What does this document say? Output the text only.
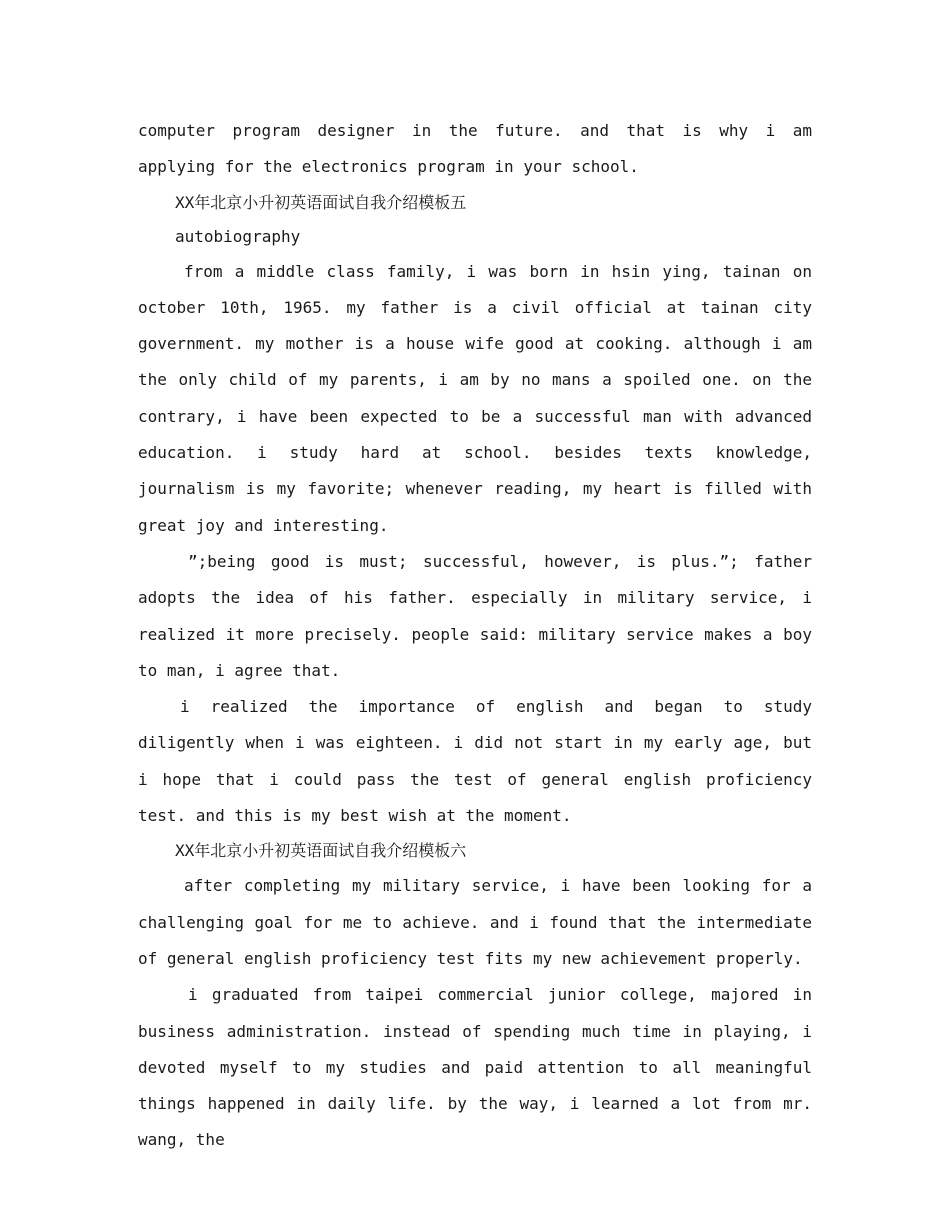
computer program designer in the future. and that is why i am applying for the electronics program in your school.

XX年北京小升初英语面试自我介绍模板五

autobiography

from a middle class family, i was born in hsin ying, tainan on october 10th, 1965. my father is a civil official at tainan city government. my mother is a house wife good at cooking. although i am the only child of my parents, i am by no mans a spoiled one. on the contrary, i have been expected to be a successful man with advanced education. i study hard at school. besides texts knowledge, journalism is my favorite; whenever reading, my heart is filled with great joy and interesting.

”;being good is must; successful, however, is plus.”; father adopts the idea of his father. especially in military service, i realized it more precisely. people said: military service makes a boy to man, i agree that.

i realized the importance of english and began to study diligently when i was eighteen. i did not start in my early age, but i hope that i could pass the test of general english proficiency test. and this is my best wish at the moment.

XX年北京小升初英语面试自我介绍模板六

after completing my military service, i have been looking for a challenging goal for me to achieve. and i found that the intermediate of general english proficiency test fits my new achievement properly.

i graduated from taipei commercial junior college, majored in business administration. instead of spending much time in playing, i devoted myself to my studies and paid attention to all meaningful things happened in daily life. by the way, i learned a lot from mr. wang, the
